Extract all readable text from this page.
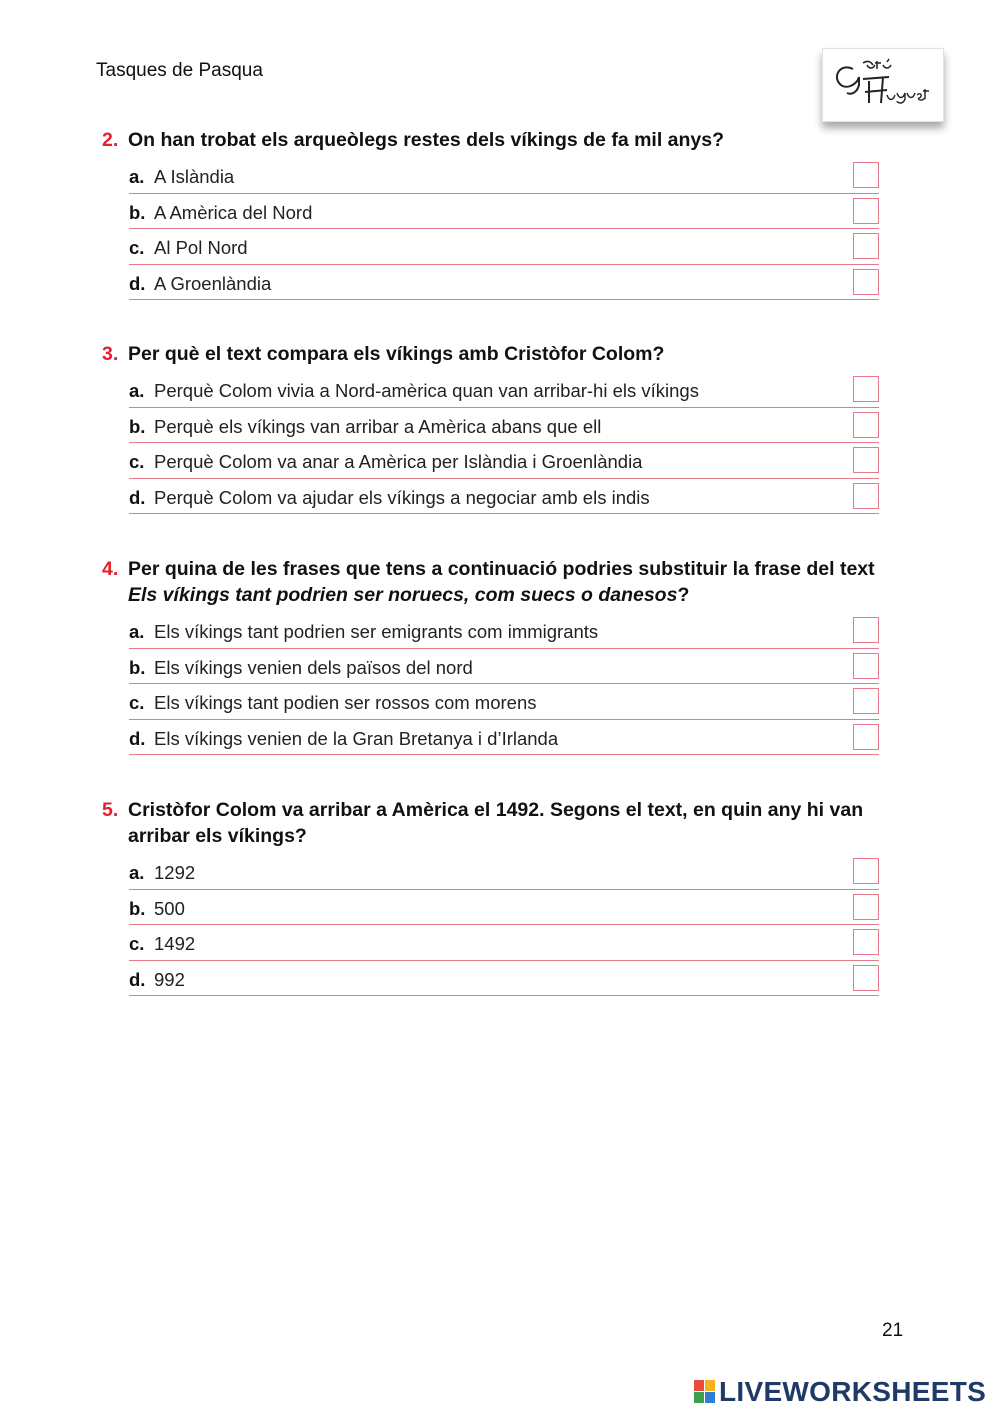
Tasques de Pasqua
2. On han trobat els arqueòlegs restes dels víkings de fa mil anys?
a. A Islàndia
b. A Amèrica del Nord
c. Al Pol Nord
d. A Groenlàndia
3. Per què el text compara els víkings amb Cristòfor Colom?
a. Perquè Colom vivia a Nord-amèrica quan van arribar-hi els víkings
b. Perquè els víkings van arribar a Amèrica abans que ell
c. Perquè Colom va anar a Amèrica per Islàndia i Groenlàndia
d. Perquè Colom va ajudar els víkings a negociar amb els indis
4. Per quina de les frases que tens a continuació podries substituir la frase del text Els víkings tant podrien ser noruecs, com suecs o danesos?
a. Els víkings tant podrien ser emigrants com immigrants
b. Els víkings venien dels països del nord
c. Els víkings tant podien ser rossos com morens
d. Els víkings venien de la Gran Bretanya i d’Irlanda
5. Cristòfor Colom va arribar a Amèrica el 1492. Segons el text, en quin any hi van arribar els víkings?
a. 1292
b. 500
c. 1492
d. 992
21
LIVEWORKSHEETS
